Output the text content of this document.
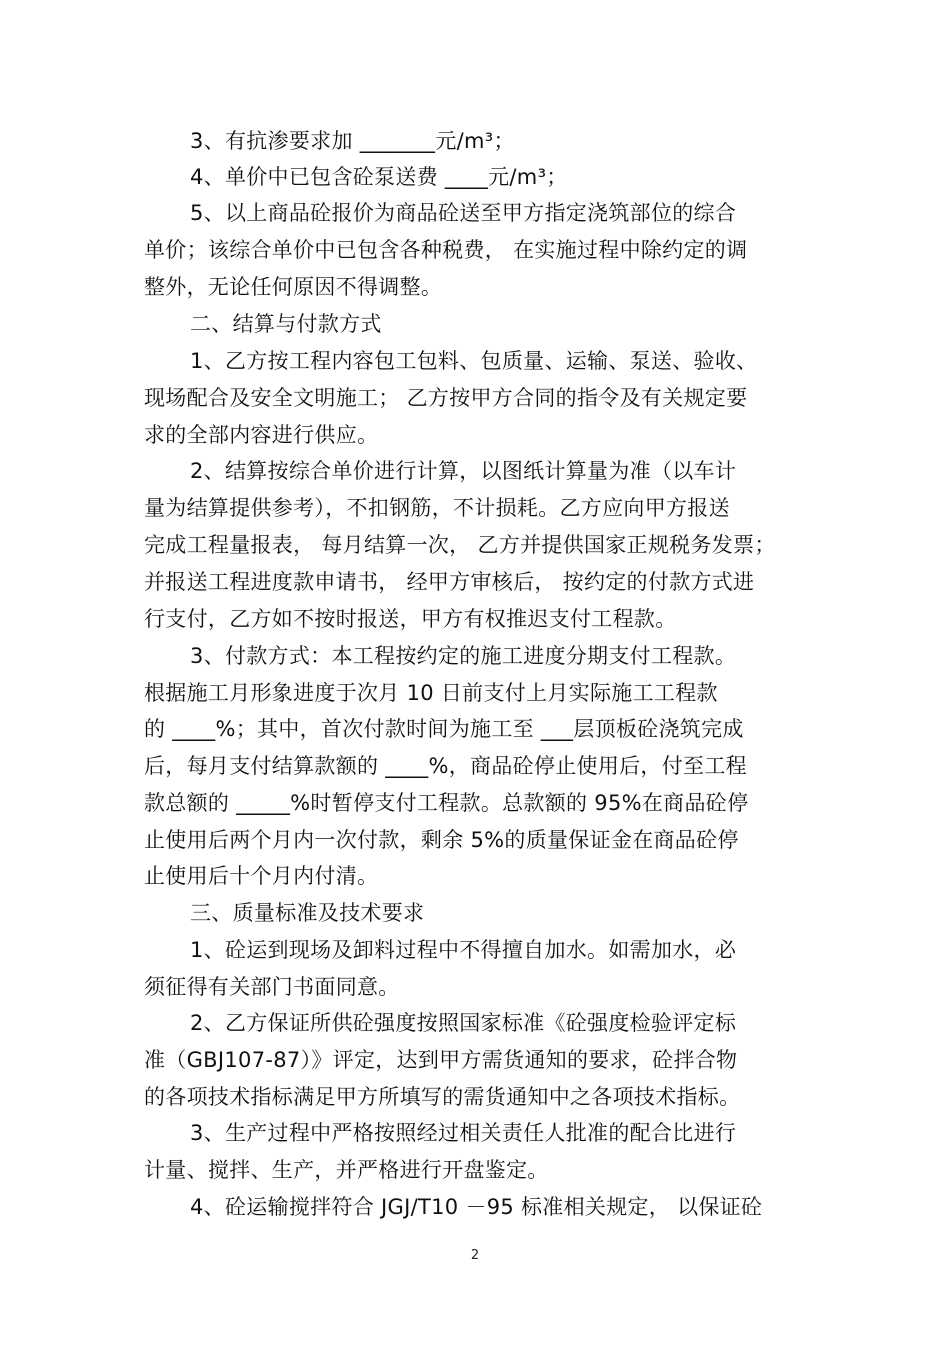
3、有抗渗要求加 _______元/m³；
4、单价中已包含砼泵送费 ____元/m³；
5、以上商品砼报价为商品砼送至甲方指定浇筑部位的综合
单价；该综合单价中已包含各种税费， 在实施过程中除约定的调
整外，无论任何原因不得调整。
二、结算与付款方式
1、乙方按工程内容包工包料、包质量、运输、泵送、验收、
现场配合及安全文明施工； 乙方按甲方合同的指令及有关规定要
求的全部内容进行供应。
2、结算按综合单价进行计算，以图纸计算量为准（以车计
量为结算提供参考），不扣钢筋，不计损耗。乙方应向甲方报送
完成工程量报表， 每月结算一次， 乙方并提供国家正规税务发票；
并报送工程进度款申请书， 经甲方审核后， 按约定的付款方式进
行支付，乙方如不按时报送，甲方有权推迟支付工程款。
3、付款方式：本工程按约定的施工进度分期支付工程款。
根据施工月形象进度于次月 10 日前支付上月实际施工工程款
的 ____%；其中，首次付款时间为施工至 ___层顶板砼浇筑完成
后，每月支付结算款额的 ____%，商品砼停止使用后，付至工程
款总额的 _____%时暂停支付工程款。总款额的 95%在商品砼停
止使用后两个月内一次付款，剩余 5%的质量保证金在商品砼停
止使用后十个月内付清。
三、质量标准及技术要求
1、砼运到现场及卸料过程中不得擅自加水。如需加水，必
须征得有关部门书面同意。
2、乙方保证所供砼强度按照国家标准《砼强度检验评定标
准（GBJ107-87）》评定，达到甲方需货通知的要求，砼拌合物
的各项技术指标满足甲方所填写的需货通知中之各项技术指标。
3、生产过程中严格按照经过相关责任人批准的配合比进行
计量、搅拌、生产，并严格进行开盘鉴定。
4、砼运输搅拌符合 JGJ/T10 －95 标准相关规定， 以保证砼
2
